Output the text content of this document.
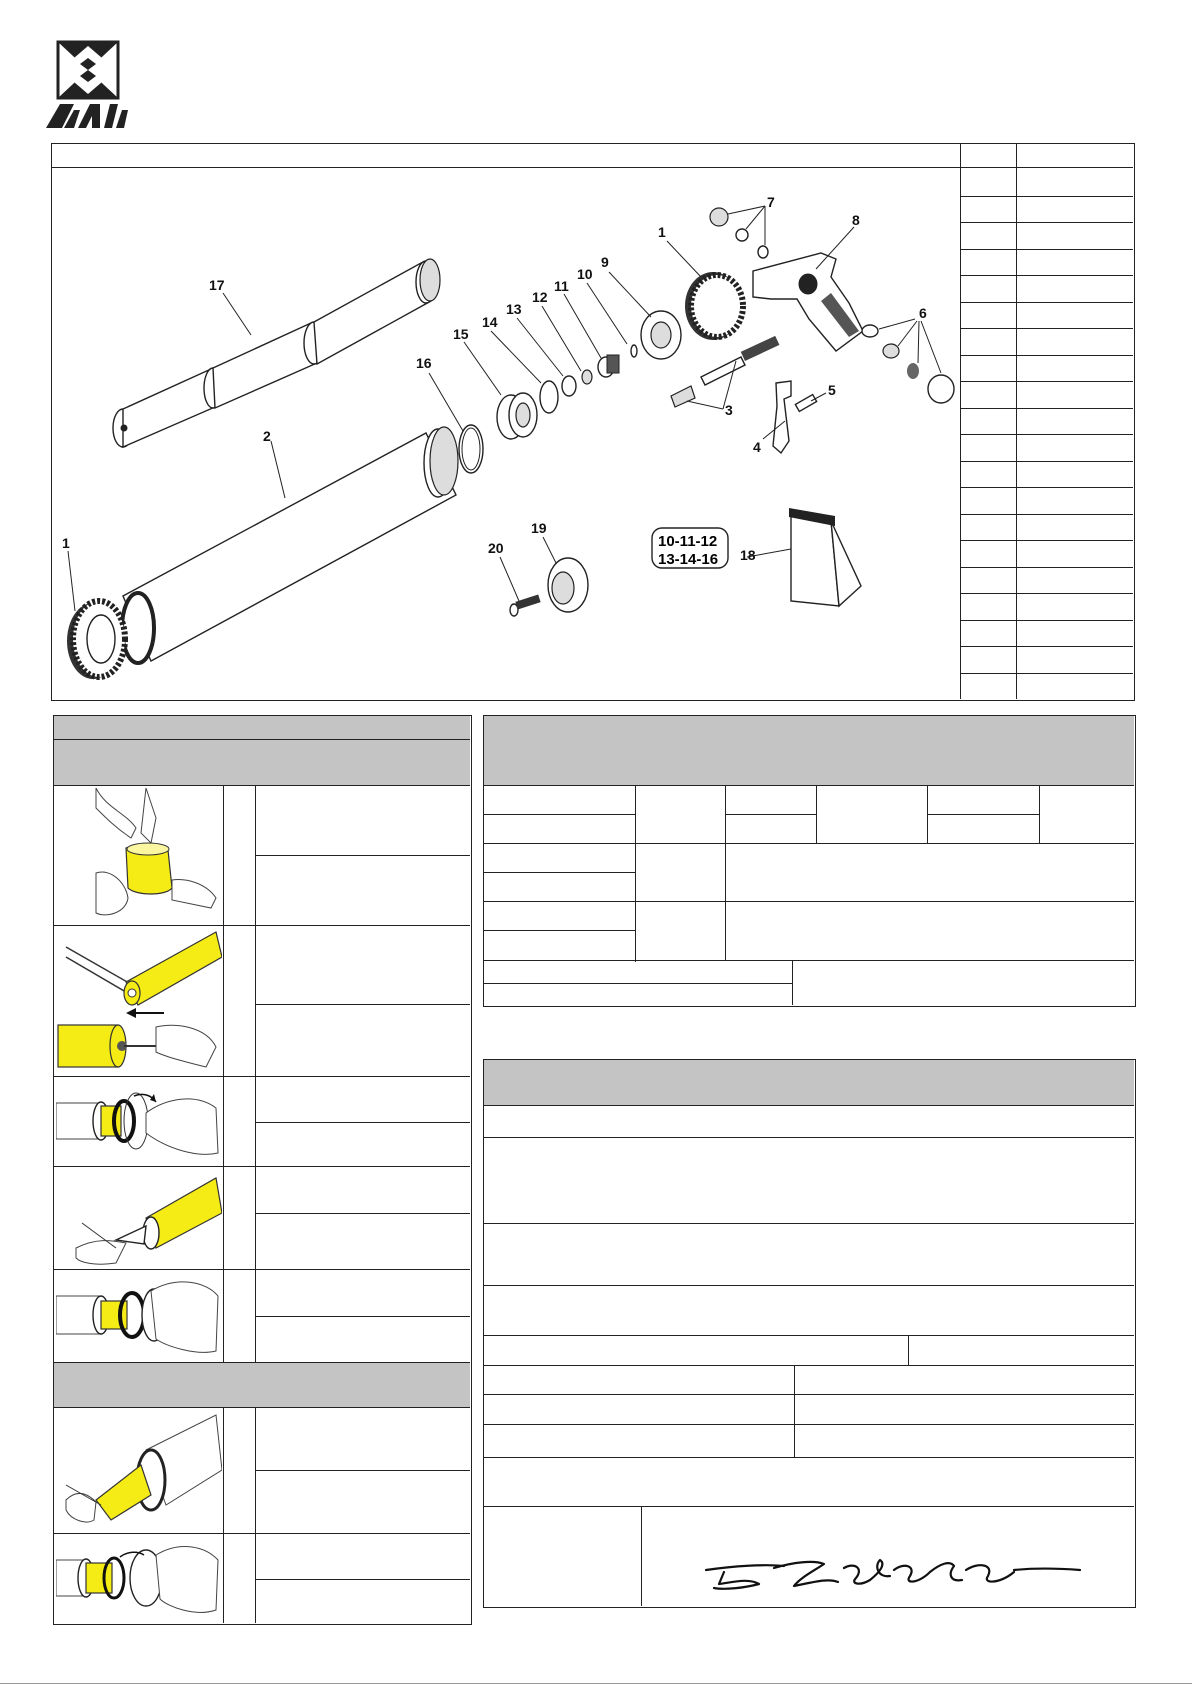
17
2
1
16
15
14
13
12
11
10
9
1
8
7
6
3
4
5
18
19
20	10-11-12
13-14-16
